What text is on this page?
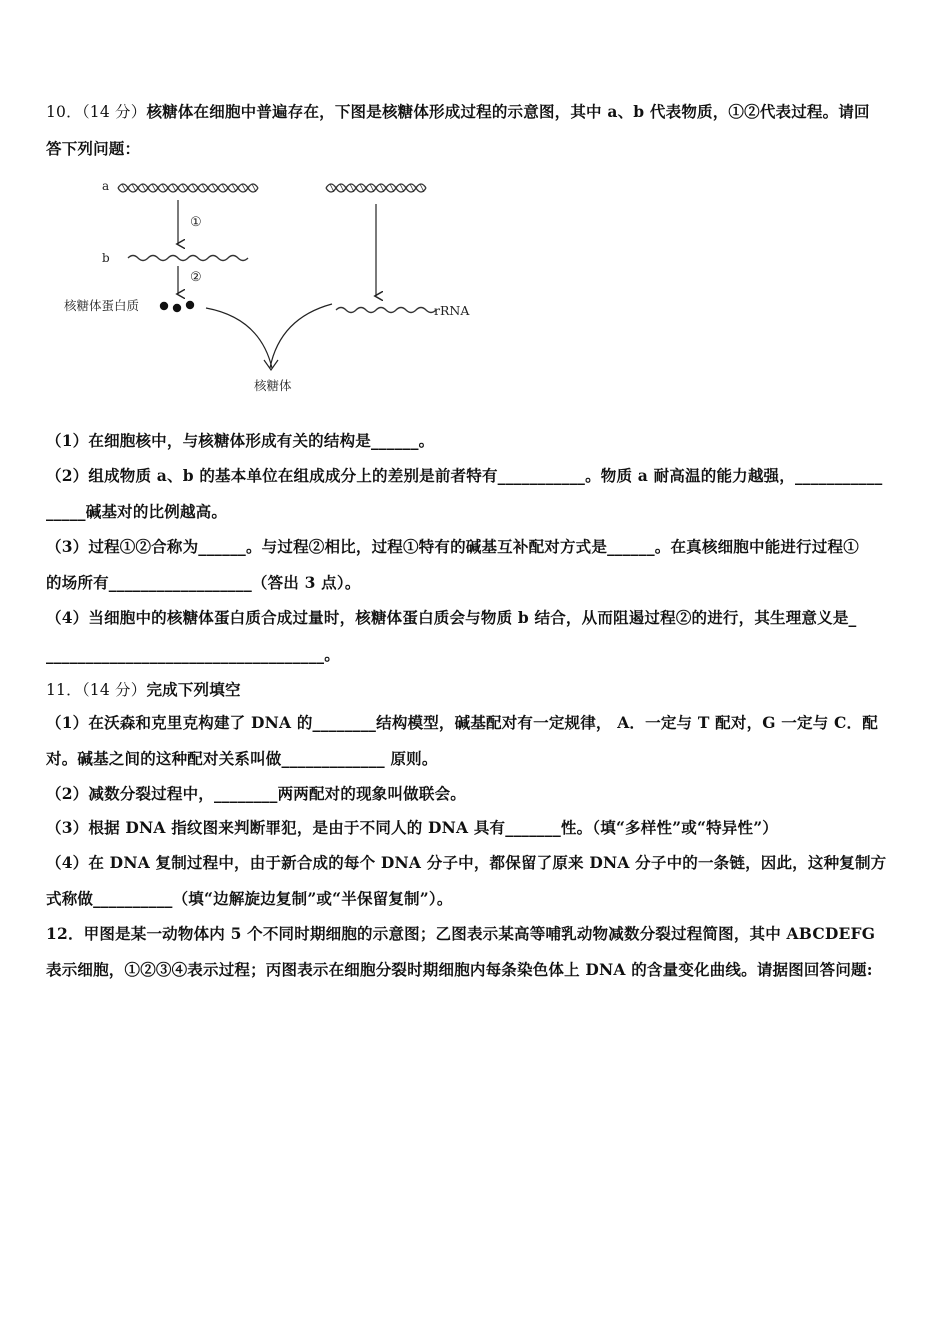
10．（14 分）核糖体在细胞中普遍存在，下图是核糖体形成过程的示意图，其中 a、b 代表物质，①②代表过程。请回
答下列问题：
a
①
b
②
核糖体蛋白质	rRNA
核糖体
（1）在细胞核中，与核糖体形成有关的结构是______。
（2）组成物质 a、b 的基本单位在组成成分上的差别是前者特有___________。物质 a 耐高温的能力越强，___________
_____碱基对的比例越高。
（3）过程①②合称为______。与过程②相比，过程①特有的碱基互补配对方式是______。在真核细胞中能进行过程①
的场所有__________________（答出 3 点）。
（4）当细胞中的核糖体蛋白质合成过量时，核糖体蛋白质会与物质 b 结合，从而阻遏过程②的进行，其生理意义是_
___________________________________。
11．（14 分）完成下列填空
（1）在沃森和克里克构建了 DNA 的________结构模型，碱基配对有一定规律， A．一定与 T 配对，G 一定与 C．配
对。碱基之间的这种配对关系叫做_____________ 原则。
（2）减数分裂过程中，________两两配对的现象叫做联会。
（3）根据 DNA 指纹图来判断罪犯，是由于不同人的 DNA 具有_______性。（填“多样性”或“特异性”）
（4）在 DNA 复制过程中，由于新合成的每个 DNA 分子中，都保留了原来 DNA 分子中的一条链，因此，这种复制方
式称做__________（填“边解旋边复制”或“半保留复制”）。
12．甲图是某一动物体内 5 个不同时期细胞的示意图；乙图表示某高等哺乳动物减数分裂过程简图，其中 ABCDEFG
表示细胞，①②③④表示过程；丙图表示在细胞分裂时期细胞内每条染色体上 DNA 的含量变化曲线。请据图回答问题:
